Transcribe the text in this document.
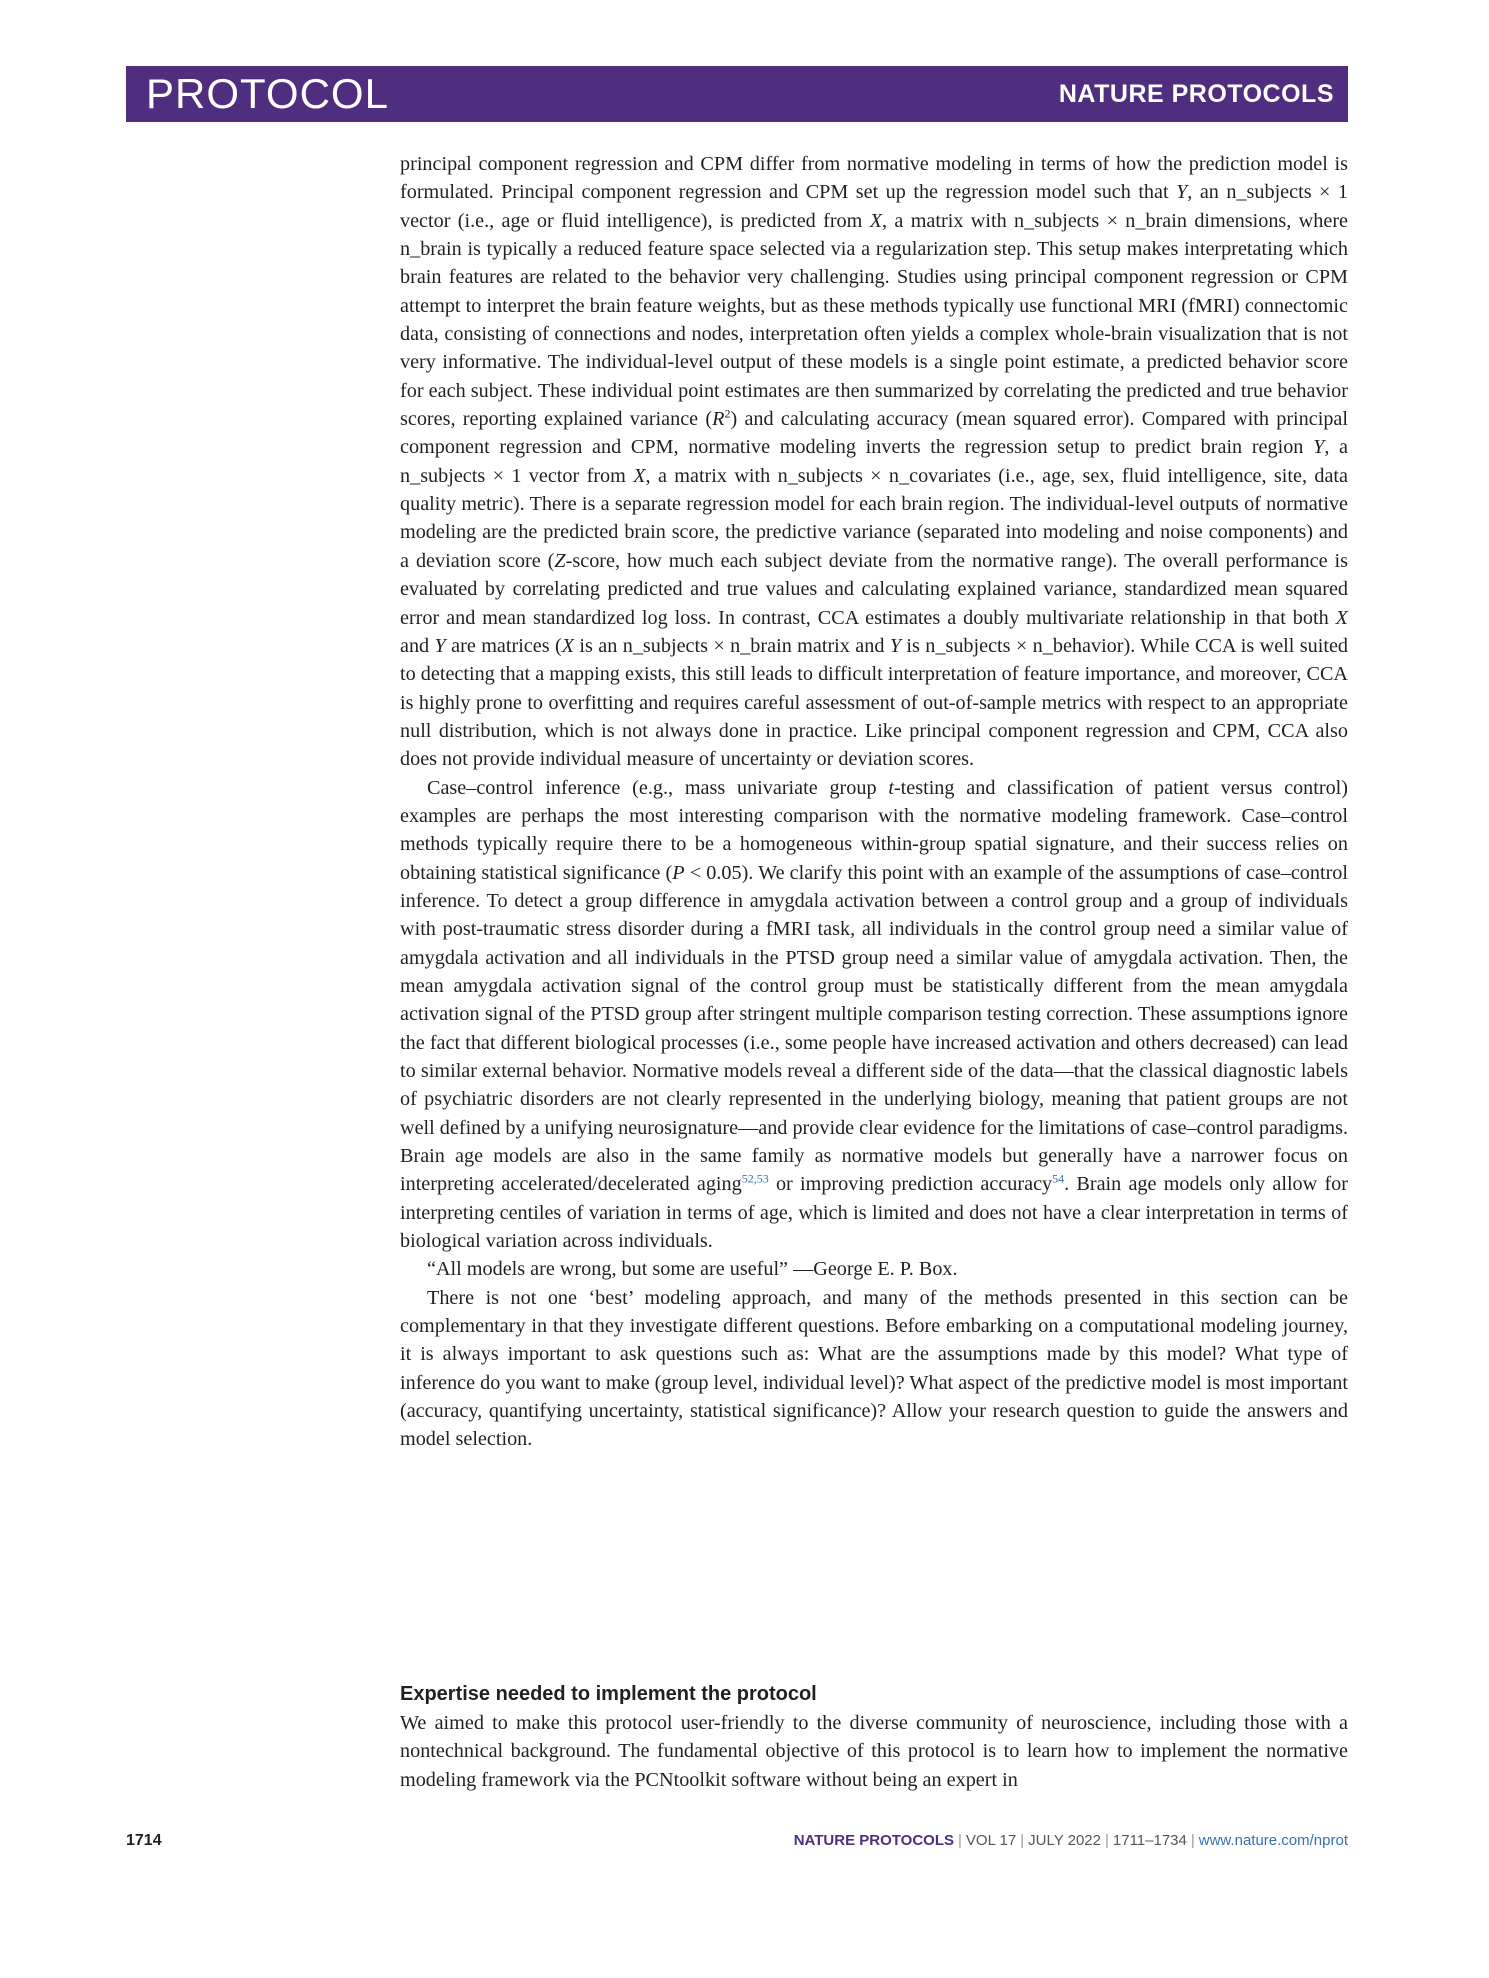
PROTOCOL	NATURE PROTOCOLS

principal component regression and CPM differ from normative modeling in terms of how the prediction model is formulated. Principal component regression and CPM set up the regression model such that Y, an n_subjects × 1 vector (i.e., age or fluid intelligence), is predicted from X, a matrix with n_subjects × n_brain dimensions, where n_brain is typically a reduced feature space selected via a regularization step. This setup makes interpretating which brain features are related to the behavior very challenging. Studies using principal component regression or CPM attempt to interpret the brain feature weights, but as these methods typically use functional MRI (fMRI) connectomic data, consisting of connections and nodes, interpretation often yields a complex whole-brain visualization that is not very informative. The individual-level output of these models is a single point estimate, a predicted behavior score for each subject. These individual point estimates are then summarized by correlating the predicted and true behavior scores, reporting explained variance $(R^2)$ and calculating accuracy (mean squared error). Compared with principal component regression and CPM, normative modeling inverts the regression setup to predict brain region Y, a n_subjects × 1 vector from X, a matrix with n_subjects × n_covariates (i.e., age, sex, fluid intelligence, site, data quality metric). There is a separate regression model for each brain region. The individual-level outputs of normative modeling are the predicted brain score, the predictive variance (separated into modeling and noise components) and a deviation score (Z-score, how much each subject deviate from the normative range). The overall performance is evaluated by correlating predicted and true values and calculating explained variance, standardized mean squared error and mean standardized log loss. In contrast, CCA estimates a doubly multivariate relationship in that both X and Y are matrices (X is an n_subjects × n_brain matrix and Y is n_subjects × n_behavior). While CCA is well suited to detecting that a mapping exists, this still leads to difficult interpretation of feature importance, and moreover, CCA is highly prone to overfitting and requires careful assessment of out-of-sample metrics with respect to an appropriate null distribution, which is not always done in practice. Like principal component regression and CPM, CCA also does not provide individual measure of uncertainty or deviation scores.

Case–control inference (e.g., mass univariate group t-testing and classification of patient versus control) examples are perhaps the most interesting comparison with the normative modeling framework. Case–control methods typically require there to be a homogeneous within-group spatial signature, and their success relies on obtaining statistical significance (P < 0.05). We clarify this point with an example of the assumptions of case–control inference. To detect a group difference in amygdala activation between a control group and a group of individuals with post-traumatic stress disorder during a fMRI task, all individuals in the control group need a similar value of amygdala activation and all individuals in the PTSD group need a similar value of amygdala activation. Then, the mean amygdala activation signal of the control group must be statistically different from the mean amygdala activation signal of the PTSD group after stringent multiple comparison testing correction. These assumptions ignore the fact that different biological processes (i.e., some people have increased activation and others decreased) can lead to similar external behavior. Normative models reveal a different side of the data—that the classical diagnostic labels of psychiatric disorders are not clearly represented in the underlying biology, meaning that patient groups are not well defined by a unifying neurosignature—and provide clear evidence for the limitations of case–control paradigms. Brain age models are also in the same family as normative models but generally have a narrower focus on interpreting accelerated/decelerated aging$^{52,53}$ or improving prediction accuracy$^{54}$. Brain age models only allow for interpreting centiles of variation in terms of age, which is limited and does not have a clear interpretation in terms of biological variation across individuals.

“All models are wrong, but some are useful” —George E. P. Box.

There is not one ‘best’ modeling approach, and many of the methods presented in this section can be complementary in that they investigate different questions. Before embarking on a computational modeling journey, it is always important to ask questions such as: What are the assumptions made by this model? What type of inference do you want to make (group level, individual level)? What aspect of the predictive model is most important (accuracy, quantifying uncertainty, statistical significance)? Allow your research question to guide the answers and model selection.

Expertise needed to implement the protocol

We aimed to make this protocol user-friendly to the diverse community of neuroscience, including those with a nontechnical background. The fundamental objective of this protocol is to learn how to implement the normative modeling framework via the PCNtoolkit software without being an expert in

1714	NATURE PROTOCOLS | VOL 17 | JULY 2022 | 1711–1734 | www.nature.com/nprot
